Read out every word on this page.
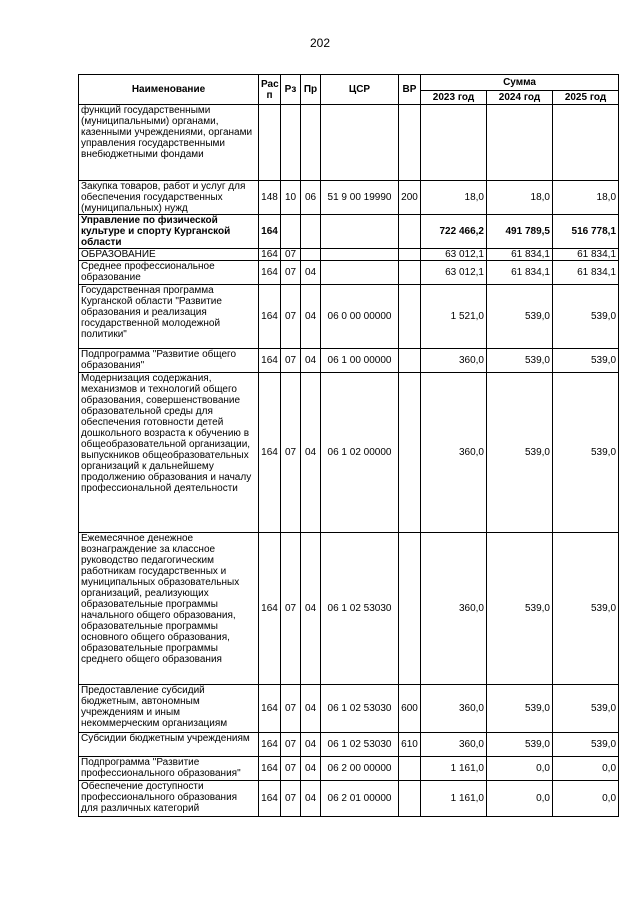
202
Наименование	Рас п	Рз	Пр	ЦСР	ВР	Сумма		
						2023 год	2024 год	2025 год
функций государственными (муниципальными) органами, казенными учреждениями, органами управления государственными внебюджетными фондами								
Закупка товаров, работ и услуг для обеспечения государственных (муниципальных) нужд	148	10	06	51 9 00 19990	200	18,0	18,0	18,0
Управление по физической культуре и спорту Курганской области	164					722 466,2	491 789,5	516 778,1
ОБРАЗОВАНИЕ	164	07				63 012,1	61 834,1	61 834,1
Среднее профессиональное образование	164	07	04			63 012,1	61 834,1	61 834,1
Государственная программа Курганской области "Развитие образования и реализация государственной молодежной политики"	164	07	04	06 0 00 00000		1 521,0	539,0	539,0
Подпрограмма "Развитие общего образования"	164	07	04	06 1 00 00000		360,0	539,0	539,0
Модернизация содержания, механизмов и технологий общего образования, совершенствование образовательной среды для обеспечения готовности детей дошкольного возраста к обучению в общеобразовательной организации, выпускников общеобразовательных организаций к дальнейшему продолжению образования и началу профессиональной деятельности	164	07	04	06 1 02 00000		360,0	539,0	539,0
Ежемесячное денежное вознаграждение за классное руководство педагогическим работникам государственных и муниципальных образовательных организаций, реализующих образовательные программы начального общего образования, образовательные программы основного общего образования, образовательные программы среднего общего образования	164	07	04	06 1 02 53030		360,0	539,0	539,0
Предоставление субсидий бюджетным, автономным учреждениям и иным некоммерческим организациям	164	07	04	06 1 02 53030	600	360,0	539,0	539,0
Субсидии бюджетным учреждениям	164	07	04	06 1 02 53030	610	360,0	539,0	539,0
Подпрограмма "Развитие профессионального образования"	164	07	04	06 2 00 00000		1 161,0	0,0	0,0
Обеспечение доступности профессионального образования для различных категорий	164	07	04	06 2 01 00000		1 161,0	0,0	0,0
